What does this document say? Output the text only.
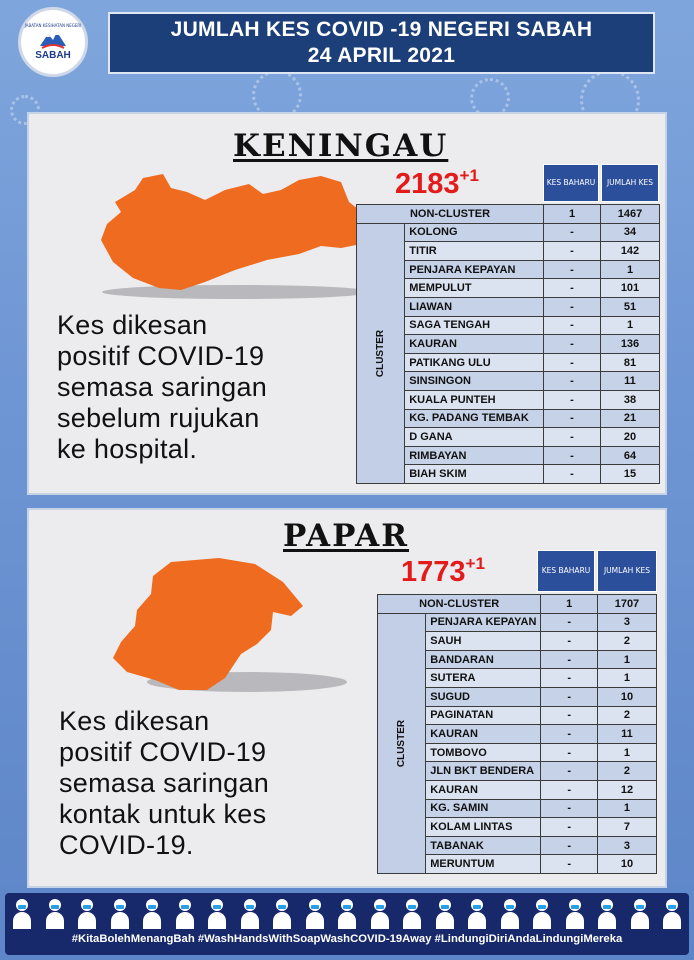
JABATAN KESIHATAN NEGERI
SABAH
JUMLAH KES COVID -19 NEGERI SABAH
24 APRIL 2021
KENINGAU
$2183^{+1}$
Kes dikesan
positif COVID-19
semasa saringan
sebelum rujukan
ke hospital.
KES BAHARU	JUMLAH KES
NON-CLUSTER		1	1467
CLUSTER	KOLONG	-	34
	TITIR	-	142
	PENJARA KEPAYAN	-	1
	MEMPULUT	-	101
	LIAWAN	-	51
	SAGA TENGAH	-	1
	KAURAN	-	136
	PATIKANG ULU	-	81
	SINSINGON	-	11
	KUALA PUNTEH	-	38
	KG. PADANG TEMBAK	-	21
	D GANA	-	20
	RIMBAYAN	-	64
	BIAH SKIM	-	15
PAPAR
$1773^{+1}$
Kes dikesan
positif COVID-19
semasa saringan
kontak untuk kes
COVID-19.
KES BAHARU	JUMLAH KES
NON-CLUSTER		1	1707
CLUSTER	PENJARA KEPAYAN	-	3
	SAUH	-	2
	BANDARAN	-	1
	SUTERA	-	1
	SUGUD	-	10
	PAGINATAN	-	2
	KAURAN	-	11
	TOMBOVO	-	1
	JLN BKT BENDERA	-	2
	KAURAN	-	12
	KG. SAMIN	-	1
	KOLAM LINTAS	-	7
	TABANAK	-	3
	MERUNTUM	-	10
#KitaBolehMenangBah #WashHandsWithSoapWashCOVID-19Away #LindungiDiriAndaLindungiMereka
